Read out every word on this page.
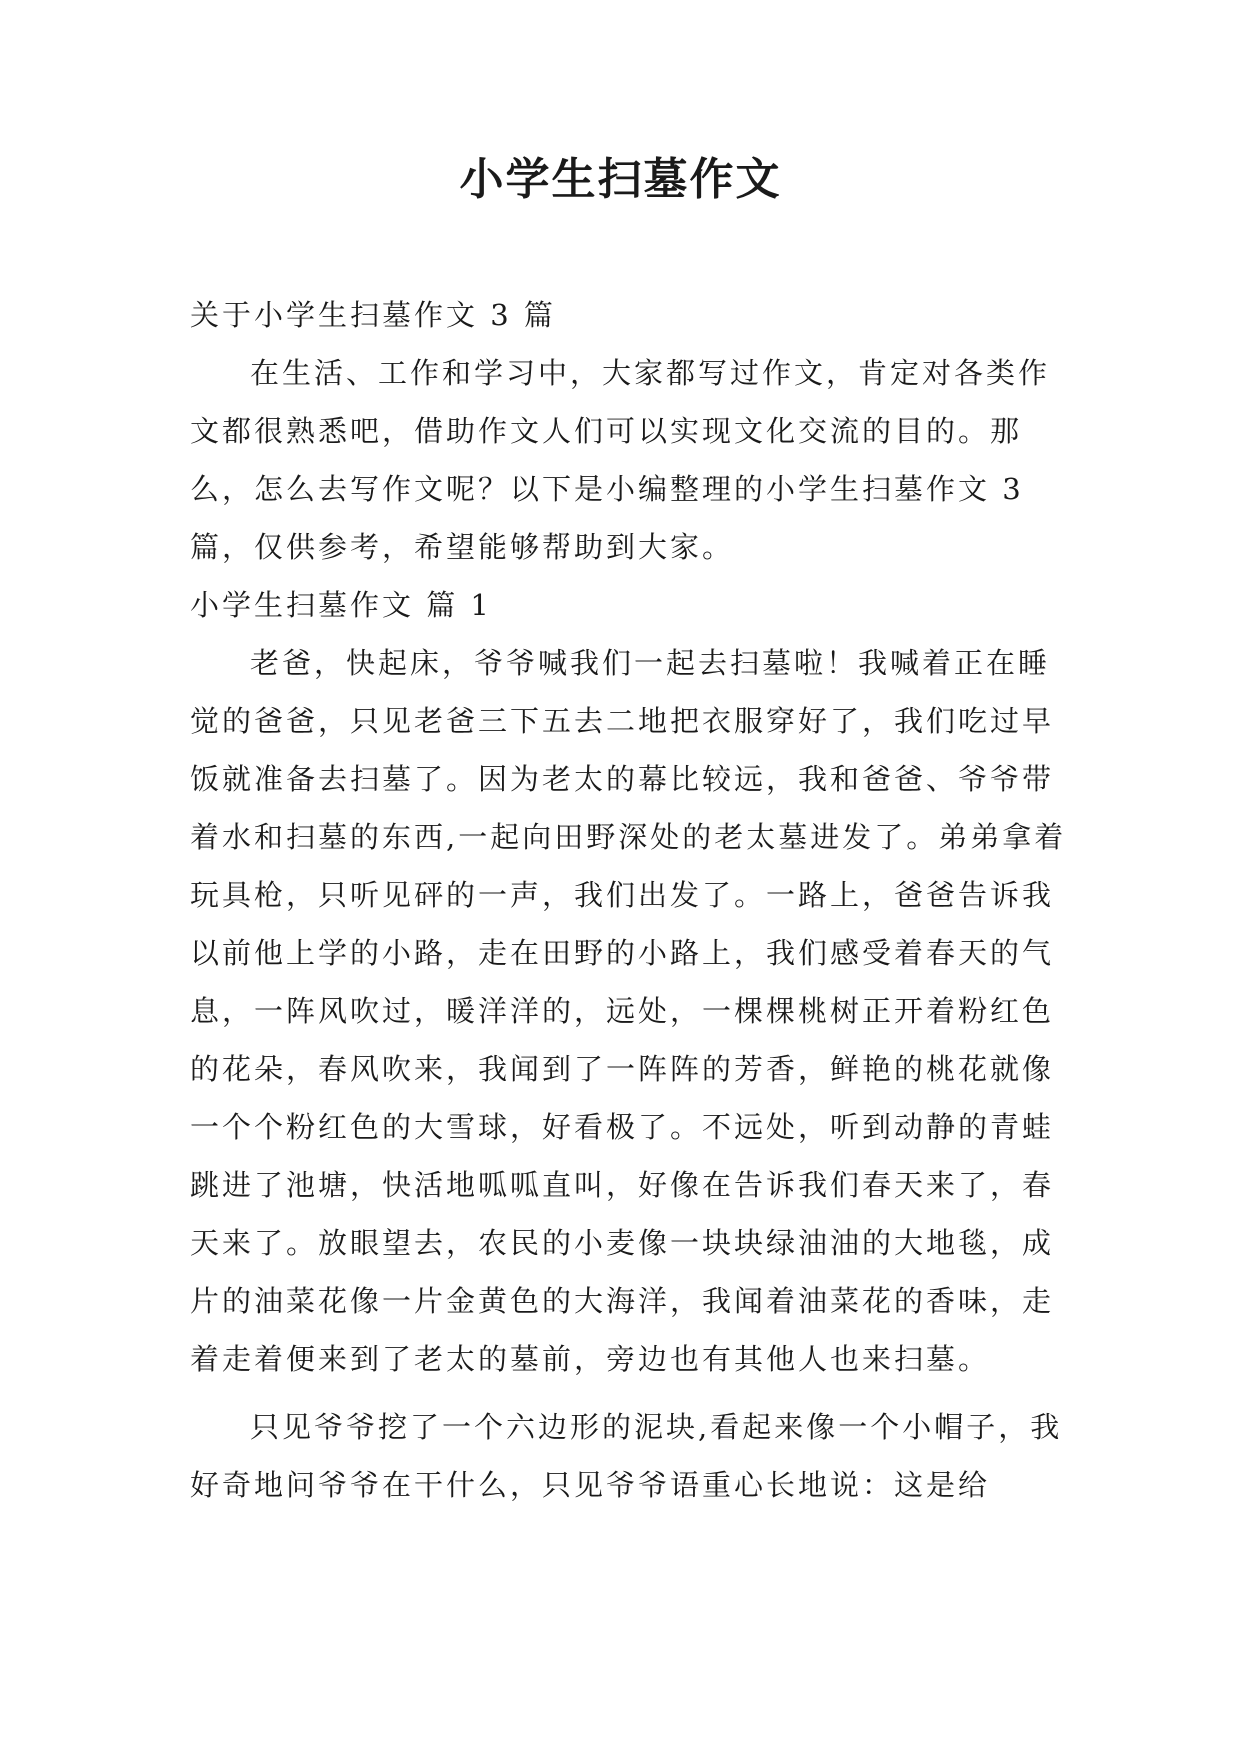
小学生扫墓作文

关于小学生扫墓作文 3 篇

在生活、工作和学习中，大家都写过作文，肯定对各类作文都很熟悉吧，借助作文人们可以实现文化交流的目的。那么，怎么去写作文呢？以下是小编整理的小学生扫墓作文 3 篇，仅供参考，希望能够帮助到大家。

小学生扫墓作文 篇 1

老爸，快起床，爷爷喊我们一起去扫墓啦！我喊着正在睡觉的爸爸，只见老爸三下五去二地把衣服穿好了，我们吃过早饭就准备去扫墓了。因为老太的幕比较远，我和爸爸、爷爷带着水和扫墓的东西,一起向田野深处的老太墓进发了。弟弟拿着玩具枪，只听见砰的一声，我们出发了。一路上，爸爸告诉我以前他上学的小路，走在田野的小路上，我们感受着春天的气息，一阵风吹过，暖洋洋的，远处，一棵棵桃树正开着粉红色的花朵，春风吹来，我闻到了一阵阵的芳香，鲜艳的桃花就像一个个粉红色的大雪球，好看极了。不远处，听到动静的青蛙跳进了池塘，快活地呱呱直叫，好像在告诉我们春天来了，春天来了。放眼望去，农民的小麦像一块块绿油油的大地毯，成片的油菜花像一片金黄色的大海洋，我闻着油菜花的香味，走着走着便来到了老太的墓前，旁边也有其他人也来扫墓。

只见爷爷挖了一个六边形的泥块,看起来像一个小帽子，我好奇地问爷爷在干什么，只见爷爷语重心长地说：这是给
